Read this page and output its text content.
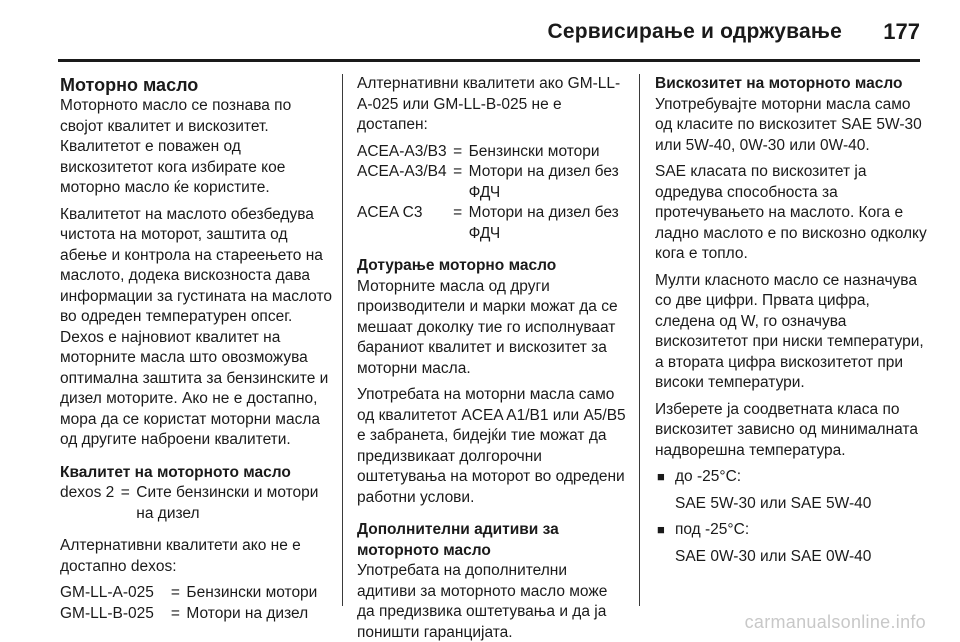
Сервисирање и одржување 177
Моторно масло

Моторното масло се познава по својот квалитет и вискозитет. Квалитетот е поважен од вискозитетот кога избирате кое моторно масло ќе користите.

Квалитетот на маслото обезбедува чистота на моторот, заштита од абење и контрола на стареењето на маслото, додека вискозноста дава информации за густината на маслото во одреден температурен опсег. Dexos е најновиот квалитет на моторните масла што овозможува оптимална заштита за бензинските и дизел моторите. Ако не е достапно, мора да се користат моторни масла од другите наброени квалитети.

Квалитет на моторното масло
dexos 2	=	Сите бензински и мотори на дизел

Алтернативни квалитети ако не е достапно dexos:

GM-LL-A-025	=	Бензински мотори
GM-LL-B-025	=	Мотори на дизел

Алтернативни квалитети ако GM-LL-A-025 или GM-LL-B-025 не е достапен:

ACEA-A3/B3	=	Бензински мотори
ACEA-A3/B4	=	Мотори на дизел без ФДЧ
ACEA C3	=	Мотори на дизел без ФДЧ
Дотурање моторно масло

Моторните масла од други производители и марки можат да се мешаат доколку тие го исполнуваат бараниот квалитет и вискозитет за моторни масла.

Употребата на моторни масла само од квалитетот ACEA A1/B1 или A5/B5 е забранета, бидејќи тие можат да предизвикаат долгорочни оштетувања на моторот во одредени работни услови.

Дополнителни адитиви за моторното масло

Употребата на дополнителни адитиви за моторното масло може да предизвика оштетувања и да ја поништи гаранцијата.

Вискозитет на моторното масло

Употребувајте моторни масла само од класите по вискозитет SAE 5W-30 или 5W-40, 0W-30 или 0W-40.

SAE класата по вискозитет ја одредува способноста за протечувањето на маслото. Кога е ладно маслото е по вискозно одколку кога е топло.

Мулти класното масло се назначува со две цифри. Првата цифра, следена од W, го означува вискозитетот при ниски температури, а втората цифра вискозитетот при високи температури.

Изберете ја соодветната класа по вискозитет зависно од минималната надворешна температура.

■ до -25°C:
SAE 5W-30 или SAE 5W-40
■ под -25°C:
SAE 0W-30 или SAE 0W-40
carmanualsonline.info
